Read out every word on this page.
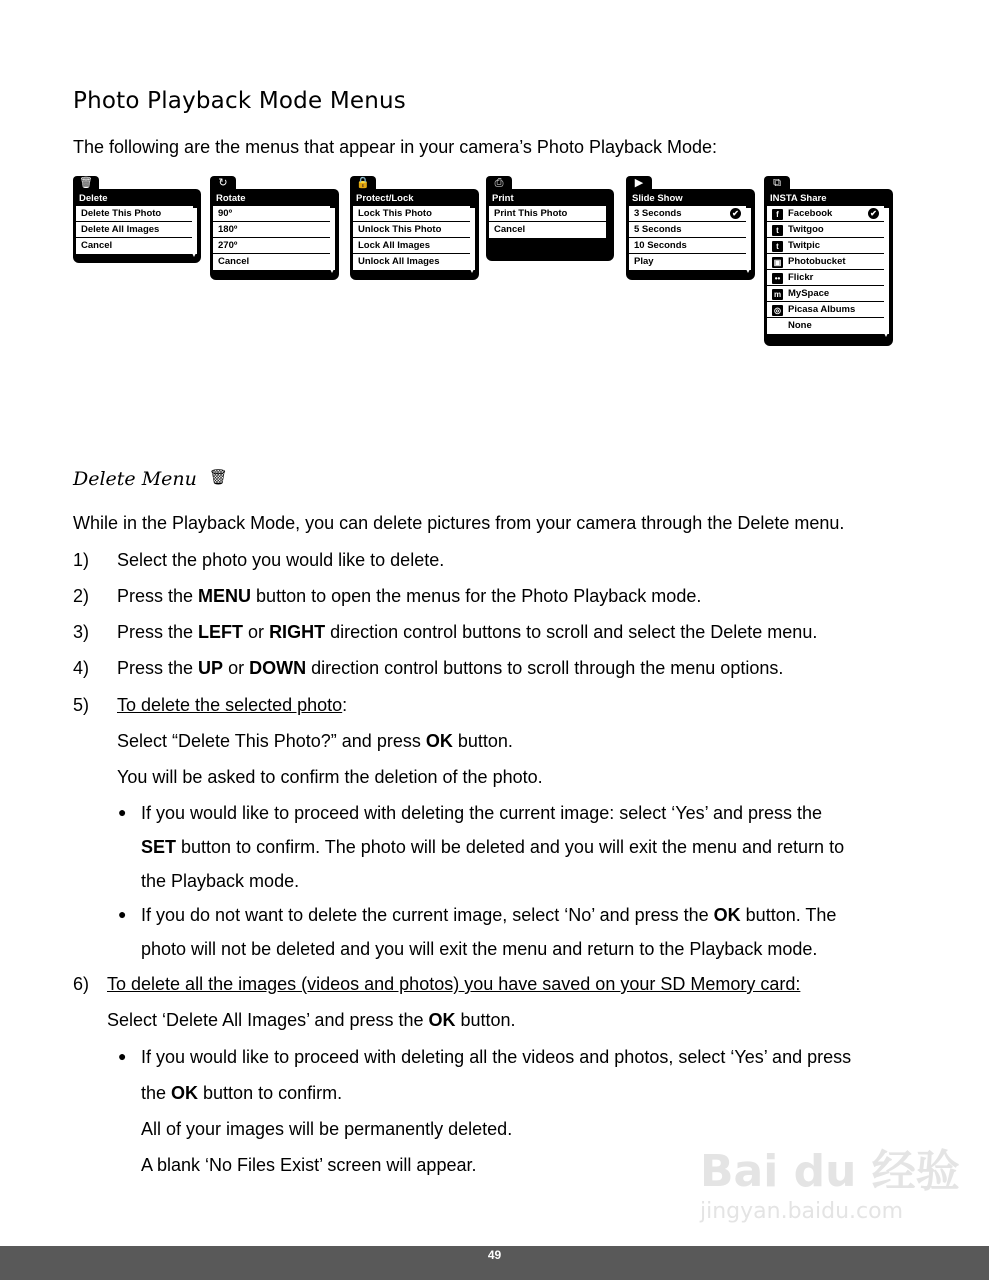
Photo Playback Mode Menus
The following are the menus that appear in your camera’s Photo Playback Mode:
🗑
Delete
Delete This Photo
Delete All Images
Cancel
↻
Rotate
90º
180º
270º
Cancel
🔒
Protect/Lock
Lock This Photo
Unlock This Photo
Lock All Images
Unlock All Images
⎙
Print
Print This Photo
Cancel
▶
Slide Show
3 Seconds	✔
5 Seconds
10 Seconds
Play
⧉
INSTA Share
f Facebook	✔
t Twitgoo
t Twitpic
▣ Photobucket
•• Flickr
m MySpace
◎ Picasa Albums
None
Delete Menu 🗑
While in the Playback Mode, you can delete pictures from your camera through the Delete menu.
1) Select the photo you would like to delete.
2) Press the MENU button to open the menus for the Photo Playback mode.
3) Press the LEFT or RIGHT direction control buttons to scroll and select the Delete menu.
4) Press the UP or DOWN direction control buttons to scroll through the menu options.
5) To delete the selected photo:
Select “Delete This Photo?” and press OK button.
You will be asked to confirm the deletion of the photo.
● If you would like to proceed with deleting the current image: select ‘Yes’ and press the
SET button to confirm. The photo will be deleted and you will exit the menu and return to
the Playback mode.
● If you do not want to delete the current image, select ‘No’ and press the OK button. The
photo will not be deleted and you will exit the menu and return to the Playback mode.
6) To delete all the images (videos and photos) you have saved on your SD Memory card:
Select ‘Delete All Images’ and press the OK button.
● If you would like to proceed with deleting all the videos and photos, select ‘Yes’ and press
the OK button to confirm.
All of your images will be permanently deleted.
A blank ‘No Files Exist’ screen will appear.	Bai du 经验
jingyan.baidu.com
49
